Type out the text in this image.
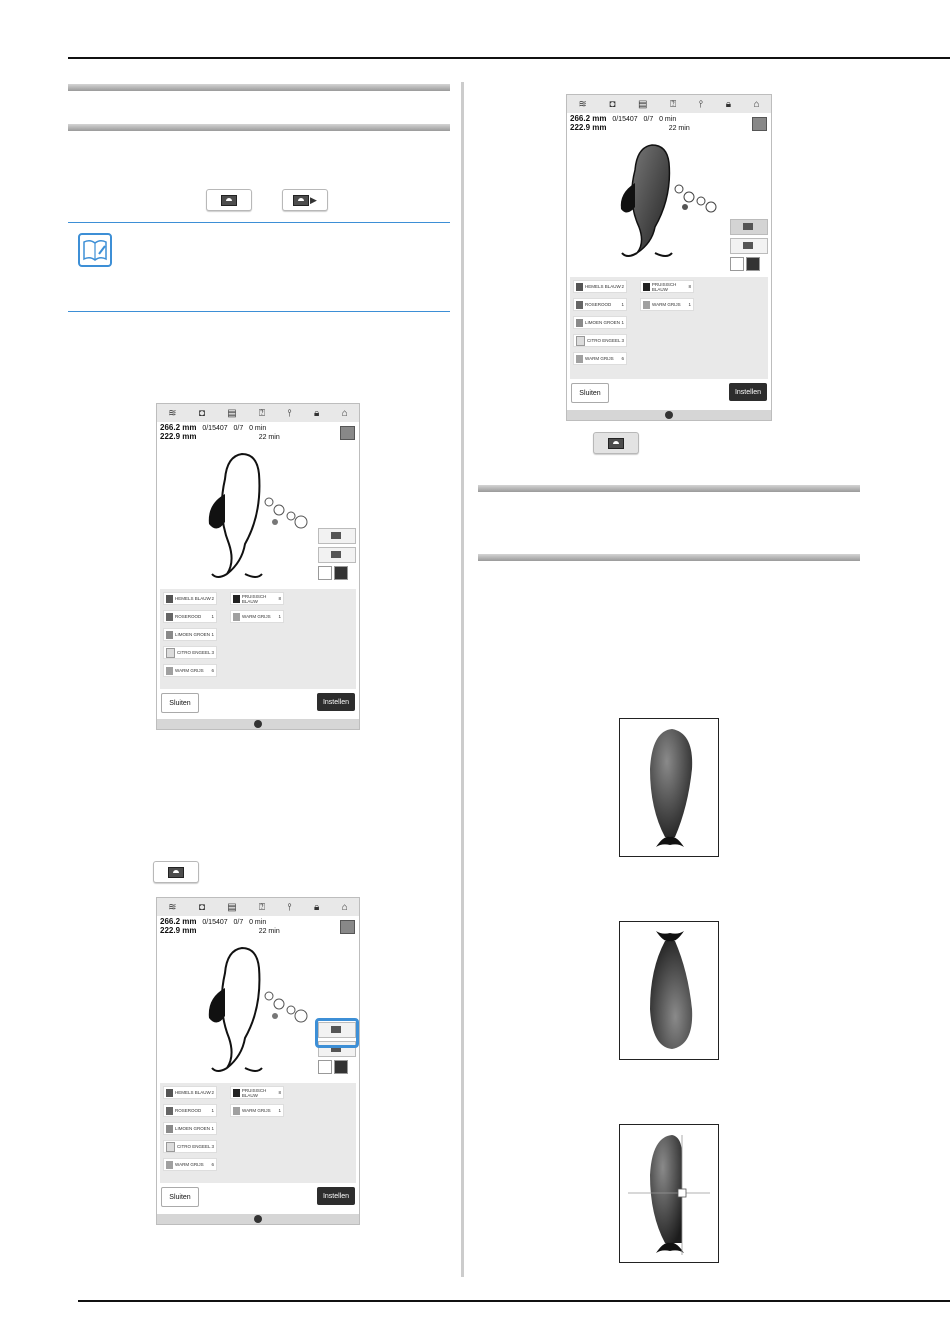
▶
≋ ◘ ▤ ⍰ ⫯ 🔒︎ ⌂
266.2 mm 0/15407 0/7 0 min
222.9 mm	22 min
HEMELS BLAUW 2
ROSEROOD 1
LIMOEN GROEN 1
CITRO ENGEEL 3
WARM GRIJS 6
PRUISISCH BLAUW	8
WARM GRIJS 1
Sluiten	Instellen
≋ ◘ ▤ ⍰ ⫯ 🔒︎ ⌂
266.2 mm 0/15407 0/7 0 min
222.9 mm	22 min
HEMELS BLAUW 2
ROSEROOD 1
LIMOEN GROEN 1
CITRO ENGEEL 3
WARM GRIJS 6
PRUISISCH BLAUW	8
WARM GRIJS 1
Sluiten	Instellen
≋ ◘ ▤ ⍰ ⫯ 🔒︎ ⌂
266.2 mm 0/15407 0/7 0 min
222.9 mm	22 min
HEMELS BLAUW 2
ROSEROOD 1
LIMOEN GROEN 1
CITRO ENGEEL 3
WARM GRIJS 6
PRUISISCH BLAUW	8
WARM GRIJS 1
Sluiten	Instellen
